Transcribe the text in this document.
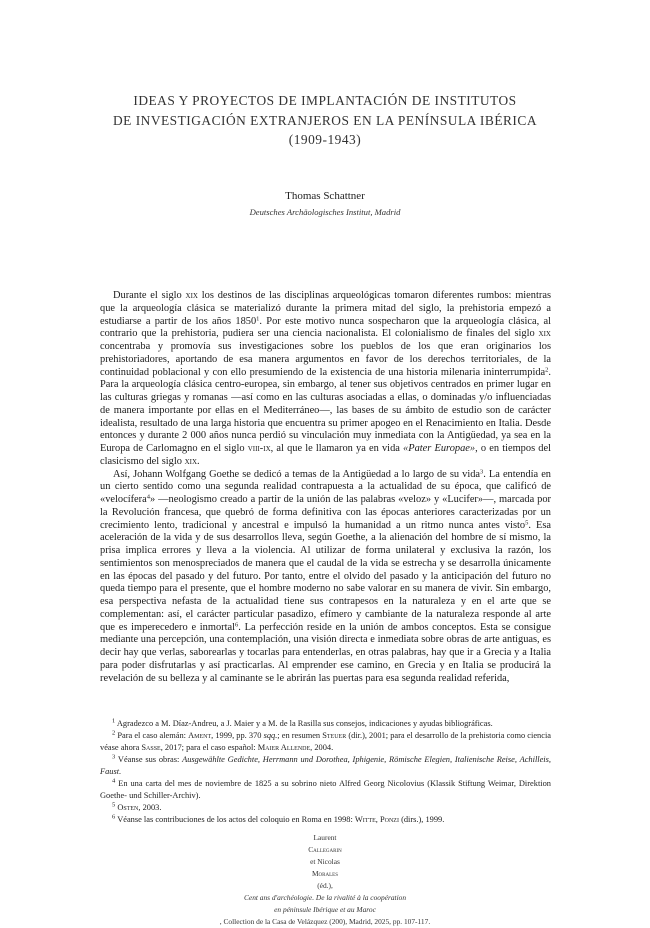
IDEAS Y PROYECTOS DE IMPLANTACIÓN DE INSTITUTOS
DE INVESTIGACIÓN EXTRANJEROS EN LA PENÍNSULA IBÉRICA
(1909-1943)
Thomas Schattner
Deutsches Archäologisches Institut, Madrid

Durante el siglo xix los destinos de las disciplinas arqueológicas tomaron diferentes rumbos: mientras que la arqueología clásica se materializó durante la primera mitad del siglo, la prehistoria empezó a estudiarse a partir de los años 1850$^1$. Por este motivo nunca sospecharon que la arqueología clásica, al contrario que la prehistoria, pudiera ser una ciencia nacionalista. El colonialismo de finales del siglo xix concentraba y promovía sus investigaciones sobre los pueblos de los que eran originarios los prehistoriadores, aportando de esa manera argumentos en favor de los derechos territoriales, de la continuidad poblacional y con ello presumiendo de la existencia de una historia milenaria ininterrumpida$^2$. Para la arqueología clásica centro-europea, sin embargo, al tener sus objetivos centrados en primer lugar en las culturas griegas y romanas —así como en las culturas asociadas a ellas, o dominadas y/o influenciadas de manera importante por ellas en el Mediterráneo—, las bases de su ámbito de estudio son de carácter idealista, resultado de una larga historia que encuentra su primer apogeo en el Renacimiento en Italia. Desde entonces y durante 2 000 años nunca perdió su vinculación muy inmediata con la Antigüedad, ya sea en la Europa de Carlomagno en el siglo viii-ix, al que le llamaron ya en vida «Pater Europae», o en tiempos del clasicismo del siglo xix.

Así, Johann Wolfgang Goethe se dedicó a temas de la Antigüedad a lo largo de su vida$^3$. La entendía en un cierto sentido como una segunda realidad contrapuesta a la actualidad de su época, que calificó de «velocífera$^4$» —neologismo creado a partir de la unión de las palabras «veloz» y «Lucifer»—, marcada por la Revolución francesa, que quebró de forma definitiva con las épocas anteriores caracterizadas por un crecimiento lento, tradicional y ancestral e impulsó la humanidad a un ritmo nunca antes visto$^5$. Esa aceleración de la vida y de sus desarrollos lleva, según Goethe, a la alienación del hombre de sí mismo, la prisa implica errores y lleva a la violencia. Al utilizar de forma unilateral y exclusiva la razón, los sentimientos son menospreciados de manera que el caudal de la vida se estrecha y se desarrolla únicamente en las épocas del pasado y del futuro. Por tanto, entre el olvido del pasado y la anticipación del futuro no queda tiempo para el presente, que el hombre moderno no sabe valorar en su manera de vivir. Sin embargo, esa perspectiva nefasta de la actualidad tiene sus contrapesos en la naturaleza y en el arte que se complementan: así, el carácter particular pasadizo, efímero y cambiante de la naturaleza responde al arte que es imperecedero e inmortal$^6$. La perfección reside en la unión de ambos conceptos. Esta se consigue mediante una percepción, una contemplación, una visión directa e inmediata sobre obras de arte antiguas, es decir hay que verlas, saborearlas y tocarlas para entenderlas, en otras palabras, hay que ir a Grecia y a Italia para poder disfrutarlas y así practicarlas. Al emprender ese camino, en Grecia y en Italia se producirá la revelación de su belleza y al caminante se le abrirán las puertas para esa segunda realidad referida,

$^1$ Agradezco a M. Díaz-Andreu, a J. Maier y a M. de la Rasilla sus consejos, indicaciones y ayudas bibliográficas.

$^2$ Para el caso alemán: Ament, 1999, pp. 370 sqq.; en resumen Steuer (dir.), 2001; para el desarrollo de la prehistoria como ciencia véase ahora Sasse, 2017; para el caso español: Maier Allende, 2004.

$^3$ Véanse sus obras: Ausgewählte Gedichte, Herrmann und Dorothea, Iphigenie, Römische Elegien, Italienische Reise, Achilleis, Faust.

$^4$ En una carta del mes de noviembre de 1825 a su sobrino nieto Alfred Georg Nicolovius (Klassik Stiftung Weimar, Direktion Goethe- und Schiller-Archiv).

$^5$ Osten, 2003.

$^6$ Véanse las contribuciones de los actos del coloquio en Roma en 1998: Witte, Ponzi (dirs.), 1999.

Laurent
Callegarin
et Nicolas
Morales
(éd.),
Cent ans d'archéologie. De la rivalité à la coopération
en péninsule Ibérique et au Maroc
, Collection de la Casa de Velázquez (200), Madrid, 2025, pp. 107-117.
